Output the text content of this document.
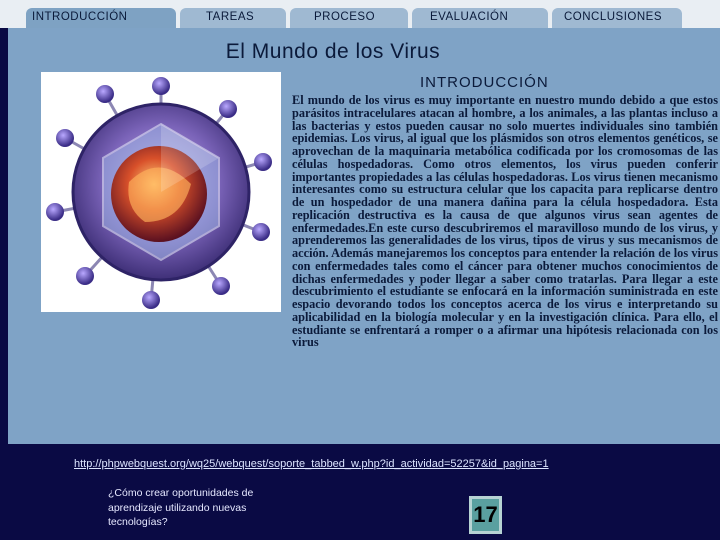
INTRODUCCIÓN	TAREAS	PROCESO	EVALUACIÓN	CONCLUSIONES
El Mundo de los Virus
INTRODUCCIÓN

El mundo de los virus es muy importante en nuestro mundo debido a que estos parásitos intracelulares atacan al hombre, a los animales, a las plantas incluso a las bacterias y estos pueden causar no solo muertes individuales sino también epidemias. Los virus, al igual que los plásmidos son otros elementos genéticos, se aprovechan de la maquinaria metabólica codificada por los cromosomas de las células hospedadoras. Como otros elementos, los virus pueden conferir importantes propiedades a las células hospedadoras. Los virus tienen mecanismo interesantes como su estructura celular que los capacita para replicarse dentro de un hospedador de una manera dañina para la célula hospedadora. Esta replicación destructiva es la causa de que algunos virus sean agentes de enfermedades.En este curso descubriremos el maravilloso mundo de los virus, y aprenderemos las generalidades de los virus, tipos de virus y sus mecanismos de acción. Además manejaremos los conceptos para entender la relación de los virus con enfermedades tales como el cáncer para obtener muchos conocimientos de dichas enfermedades y poder llegar a saber como tratarlas. Para llegar a este descubrimiento el estudiante se enfocará en la información suministrada en este espacio devorando todos los conceptos acerca de los virus e interpretando su aplicabilidad en la biología molecular y en la investigación clínica. Para ello, el estudiante se enfrentará a romper o a afirmar una hipótesis relacionada con los virus

http://phpwebquest.org/wq25/webquest/soporte_tabbed_w.php?id_actividad=52257&id_pagina=1
¿Cómo crear oportunidades de aprendizaje utilizando nuevas tecnologías?	17
